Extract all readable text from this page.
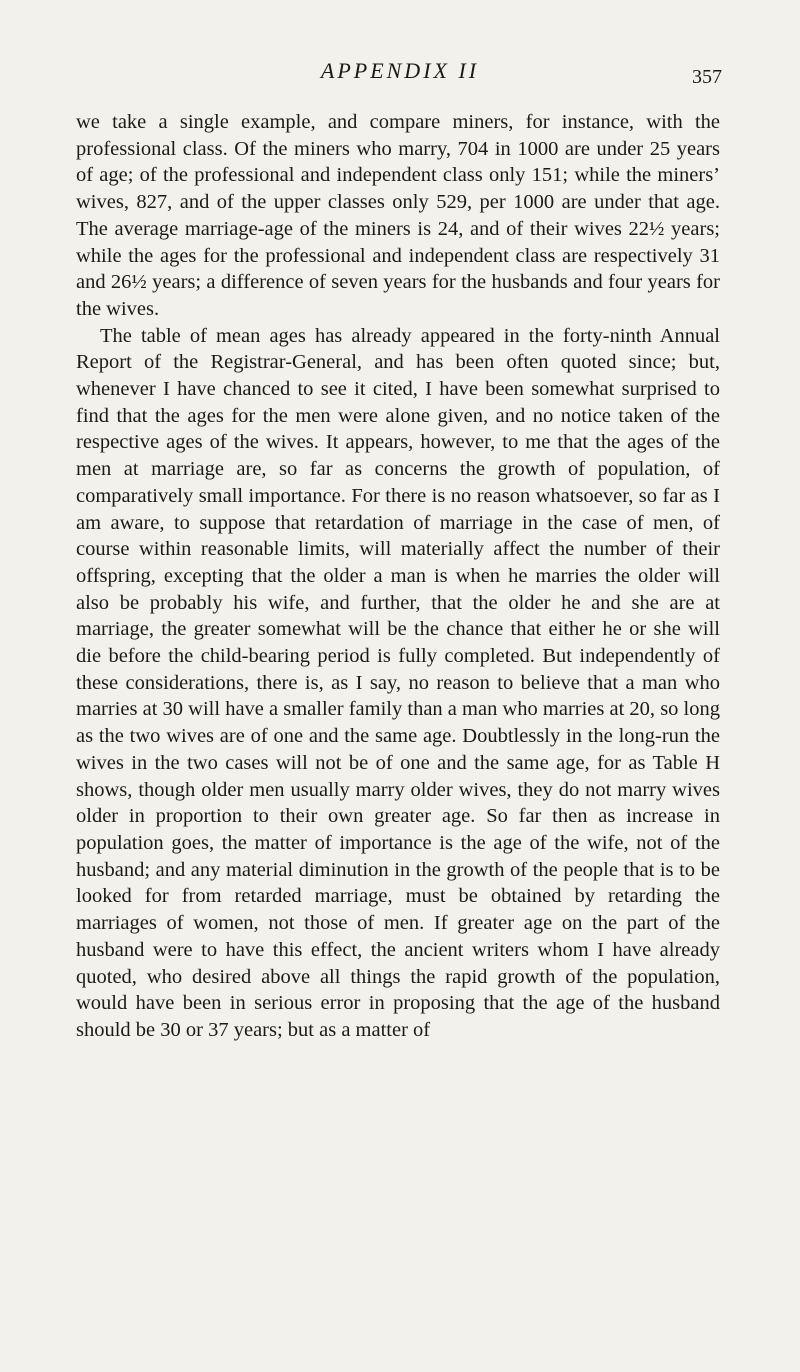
APPENDIX II	357

we take a single example, and compare miners, for instance, with the professional class. Of the miners who marry, 704 in 1000 are under 25 years of age; of the professional and independent class only 151; while the miners’ wives, 827, and of the upper classes only 529, per 1000 are under that age. The average marriage-age of the miners is 24, and of their wives 22½ years; while the ages for the professional and independent class are respectively 31 and 26½ years; a difference of seven years for the husbands and four years for the wives.

The table of mean ages has already appeared in the forty-ninth Annual Report of the Registrar-General, and has been often quoted since; but, whenever I have chanced to see it cited, I have been somewhat surprised to find that the ages for the men were alone given, and no notice taken of the respective ages of the wives. It appears, however, to me that the ages of the men at marriage are, so far as concerns the growth of population, of comparatively small importance. For there is no reason whatsoever, so far as I am aware, to suppose that retardation of marriage in the case of men, of course within reasonable limits, will materially affect the number of their offspring, excepting that the older a man is when he marries the older will also be probably his wife, and further, that the older he and she are at marriage, the greater somewhat will be the chance that either he or she will die before the child-bearing period is fully completed. But independently of these considerations, there is, as I say, no reason to believe that a man who marries at 30 will have a smaller family than a man who marries at 20, so long as the two wives are of one and the same age. Doubtlessly in the long-run the wives in the two cases will not be of one and the same age, for as Table H shows, though older men usually marry older wives, they do not marry wives older in proportion to their own greater age. So far then as increase in population goes, the matter of importance is the age of the wife, not of the husband; and any material diminution in the growth of the people that is to be looked for from retarded marriage, must be obtained by retarding the marriages of women, not those of men. If greater age on the part of the husband were to have this effect, the ancient writers whom I have already quoted, who desired above all things the rapid growth of the population, would have been in serious error in proposing that the age of the husband should be 30 or 37 years; but as a matter of
